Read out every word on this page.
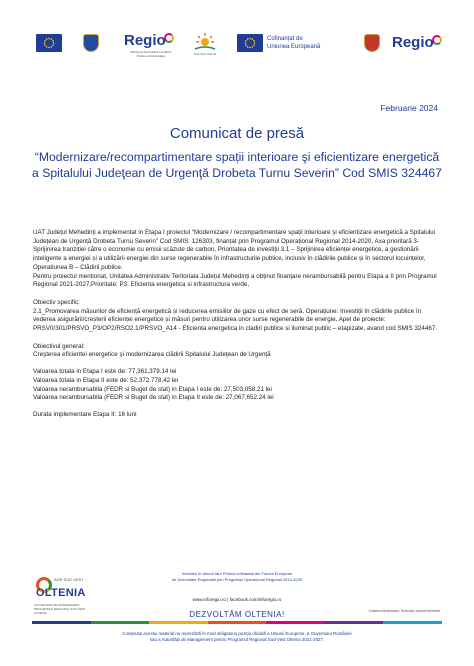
Regio
Ministerul Dezvoltării Lucrărilor Publice Administrației	Sud-Vest Oltenia
Cofinanțat de
Uniunea Europeană	Regio
Februarie 2024
Comunicat de presă
“Modernizare/recompartimentare spații interioare şi eficientizare energetică a Spitalului Judeţean de Urgenţă Drobeta Turnu Severin” Cod SMIS 324467

UAT Județul Mehedinți a implementat in Etapa I proiectul “Modernizare / recompartimentare spații interioare și eficientizare energetică a Spitalului Județean de Urgență Drobeta Turnu Severin” Cod SMIS: 126303, finanțat prin Programul Operațional Regional 2014-2020, Axa prioritară 3- Sprijinirea tranziției către o economie cu emisii scăzute de carbon, Prioritatea de investiții 3.1 – Sprijinirea eficienței energetice, a gestionării inteligente a energiei și a utilizării energiei din surse regenerabile în infrastructurile publice, inclusiv în clădirile publice și în sectorul locuințelor, Operatiunea B – Clădirii publice.

Pentru proiectul mentionat, Unitatea Administrativ Teritoriala Județul Mehedinți a obținut finanțare nerambursabilă pentru Etapa a II prin Programul Regional 2021-2027,Prioritate: P3. Eficienta energetica si infrastructura verde,

Obiectiv specific:

2.1_Promovarea măsurilor de eficiență energetică și reducerea emisiilor de gaze cu efect de seră, Operațiune: Investiții în clădirile publice în vederea asigurării/creșterii eficienței energetice și măsuri pentru utilizarea unor surse regenerabile de energie, Apel de proiecte: PRSV0/301/PRSVO_P3/OP2/RSO2.1/PRSVO_A14 - Eficienta energetica in cladiri publice si iluminat public – etapizate, avand cod SMIS 324467.

Obiectivul general:

Creşterea eficientei energetice şi modernizarea clădirii Spitalului Judeţean de Urgenţă

Valoarea totala in Etapa I este de: 77,361,379.14 lei

Valoarea totala in Etapa II este de: 52.372.778,42 lei

Valoarea nerambursabila (FEDR si Buget de stat) in Etapa I este de: 27,503,058.21 lei

Valoarea nerambursabila (FEDR si Buget de stat) in Etapa II este de: 27,067,652.24 lei

Durata implementare Etapa II: 16 luni

ADR SUD-VEST
OLTENIA
AUTORITATE DE MANAGEMENT PROGRAMUL REGIONAL SUD-VEST OLTENIA
Investim în viitorul tău! Proiect cofinanțat din Fondul European
de Dezvoltare Regională prin Programul Operațional Regional 2014-2020
www.inforegio.ro | facebook.com/inforegio.ro
DEZVOLTĂM OLTENIA!	Unitatea Administrativ Teritoriala Judetul Mehedinti
Conținutul acestui material nu reprezintă în mod obligatoriu poziția oficială a Uniunii Europene, a Guvernului României
sau a Autorității de Management pentru Programul Regional Sud-Vest Oltenia 2021-2027.
